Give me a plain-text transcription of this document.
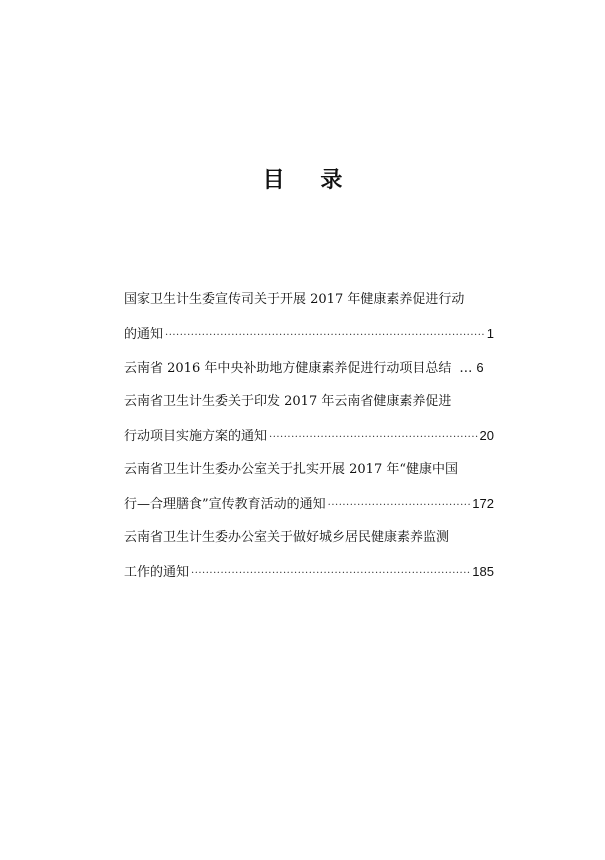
目 录
国家卫生计生委宣传司关于开展 2017 年健康素养促进行动
的通知 ·····	1
云南省 2016 年中央补助地方健康素养促进行动项目总结 … 6
云南省卫生计生委关于印发 2017 年云南省健康素养促进
行动项目实施方案的通知 ·····	20
云南省卫生计生委办公室关于扎实开展 2017 年“健康中国
行—合理膳食”宣传教育活动的通知 ·····	172
云南省卫生计生委办公室关于做好城乡居民健康素养监测
工作的通知 ·····	185
